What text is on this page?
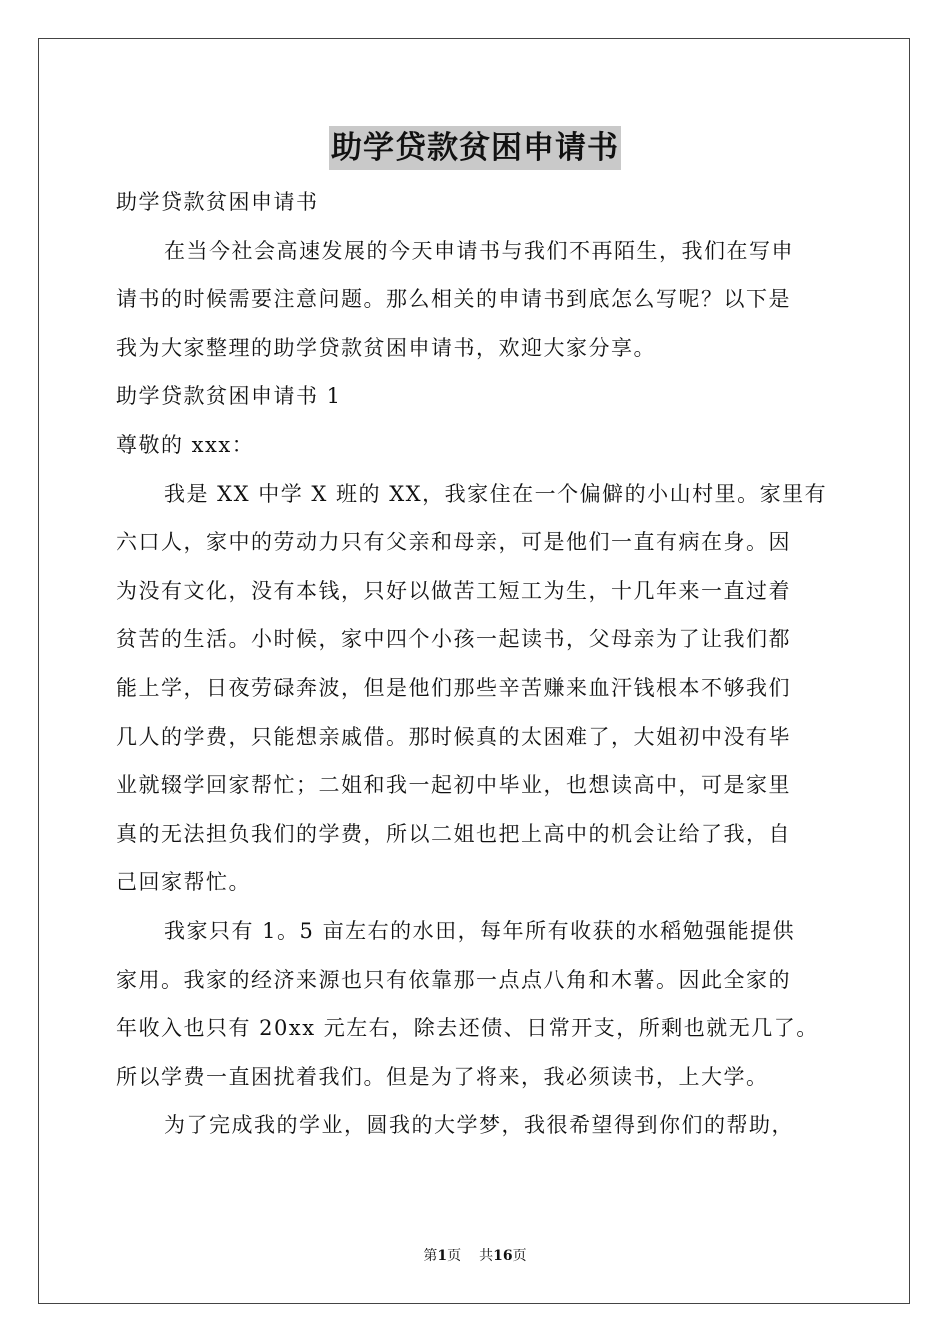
助学贷款贫困申请书
助学贷款贫困申请书
在当今社会高速发展的今天申请书与我们不再陌生，我们在写申
请书的时候需要注意问题。那么相关的申请书到底怎么写呢？以下是
我为大家整理的助学贷款贫困申请书，欢迎大家分享。
助学贷款贫困申请书 1
尊敬的 xxx：
我是 XX 中学 X 班的 XX，我家住在一个偏僻的小山村里。家里有
六口人，家中的劳动力只有父亲和母亲，可是他们一直有病在身。因
为没有文化，没有本钱，只好以做苦工短工为生，十几年来一直过着
贫苦的生活。小时候，家中四个小孩一起读书，父母亲为了让我们都
能上学，日夜劳碌奔波，但是他们那些辛苦赚来血汗钱根本不够我们
几人的学费，只能想亲戚借。那时候真的太困难了，大姐初中没有毕
业就辍学回家帮忙；二姐和我一起初中毕业，也想读高中，可是家里
真的无法担负我们的学费，所以二姐也把上高中的机会让给了我，自
己回家帮忙。
我家只有 1。5 亩左右的水田，每年所有收获的水稻勉强能提供
家用。我家的经济来源也只有依靠那一点点八角和木薯。因此全家的
年收入也只有 20xx 元左右，除去还债、日常开支，所剩也就无几了。
所以学费一直困扰着我们。但是为了将来，我必须读书，上大学。
为了完成我的学业，圆我的大学梦，我很希望得到你们的帮助，
第1页 共16页
